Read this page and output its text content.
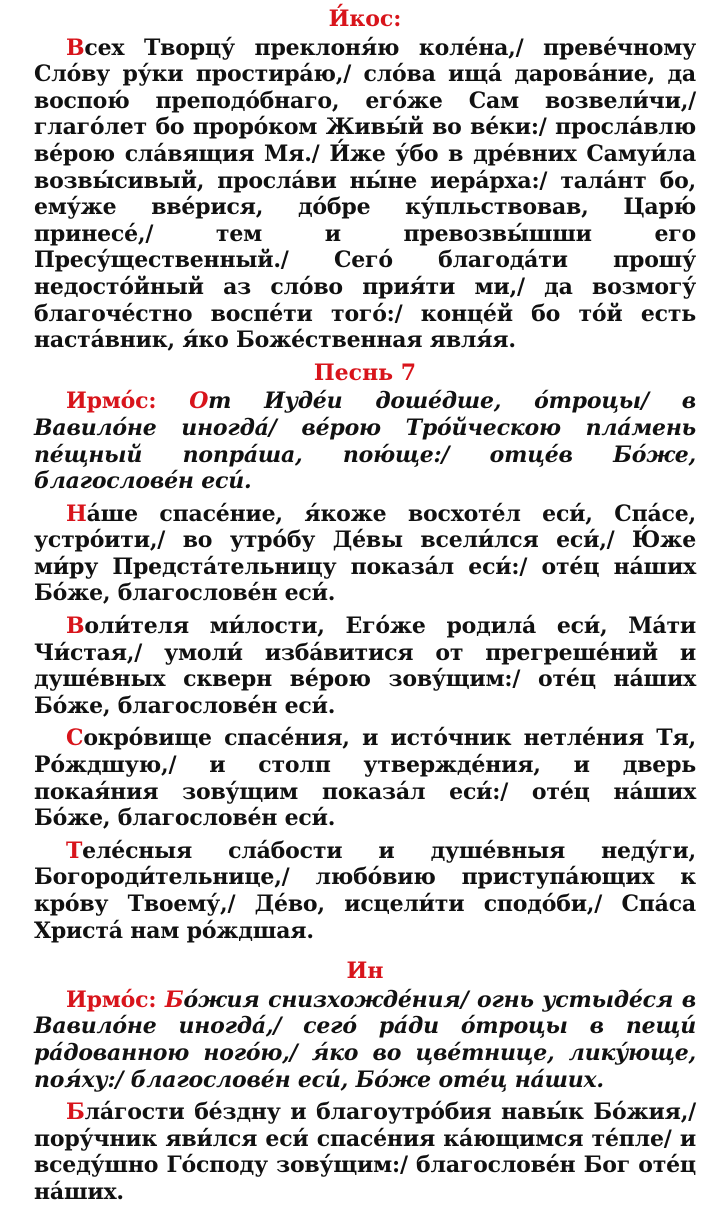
И́кос:

Всех Творцу́ преклоня́ю коле́на,/ преве́чному Сло́ву ру́ки простира́ю,/ сло́ва ища́ дарова́ние, да воспою́ преподо́бнаго, его́же Сам возвели́чи,/ глаго́лет бо проро́ком Живы́й во ве́ки:/ просла́влю ве́рою сла́вящия Мя./ И́же у́бо в дре́вних Самуи́ла возвы́сивый, просла́ви ны́не иера́рха:/ тала́нт бо, ему́же вве́рися, до́бре ку́пльствовав, Царю́ принесе́,/ тем и превозвы́шши его Пресу́щественный./ Сего́ благода́ти прошу́ недосто́йный аз сло́во прия́ти ми,/ да возмогу́ благоче́стно воспе́ти того́:/ конце́й бо то́й есть наста́вник, я́ко Боже́ственная явля́я.

Песнь 7

Ирмо́с: От Иуде́и доше́дше, о́троцы/ в Вавило́не иногда́/ ве́рою Тро́йческою пла́мень пе́щный попра́ша, пою́ще:/ отце́в Бо́же, благослове́н еси́.

На́ше спасе́ние, я́коже восхоте́л еси́, Спа́се, устро́ити,/ во утро́бу Де́вы всели́лся еси́,/ Ю́же ми́ру Предста́тельницу показа́л еси́:/ оте́ц на́ших Бо́же, благослове́н еси́.

Воли́теля ми́лости, Его́же родила́ еси́, Ма́ти Чи́стая,/ умоли́ изба́витися от прегреше́ний и душе́вных скверн ве́рою зову́щим:/ оте́ц на́ших Бо́же, благослове́н еси́.

Сокро́вище спасе́ния, и исто́чник нетле́ния Тя, Ро́ждшую,/ и столп утвержде́ния, и дверь покая́ния зову́щим показа́л еси́:/ оте́ц на́ших Бо́же, благослове́н еси́.

Теле́сныя сла́бости и душе́вныя неду́ги, Богороди́тельнице,/ любо́вию приступа́ющих к кро́ву Твоему́,/ Де́во, исцели́ти сподо́би,/ Спа́са Христа́ нам ро́ждшая.

Ин

Ирмо́с: Бо́жия снизхожде́ния/ огнь устыде́ся в Вавило́не иногда́,/ сего́ ра́ди о́троцы в пещи́ ра́дованною ного́ю,/ я́ко во цве́тнице, лику́юще, поя́ху:/ благослове́н еси́, Бо́же оте́ц на́ших.

Бла́гости бе́здну и благоутро́бия навы́к Бо́жия,/ пору́чник яви́лся еси́ спасе́ния ка́ющимся те́пле/ и вседу́шно Го́споду зову́щим:/ благослове́н Бог оте́ц на́ших.
